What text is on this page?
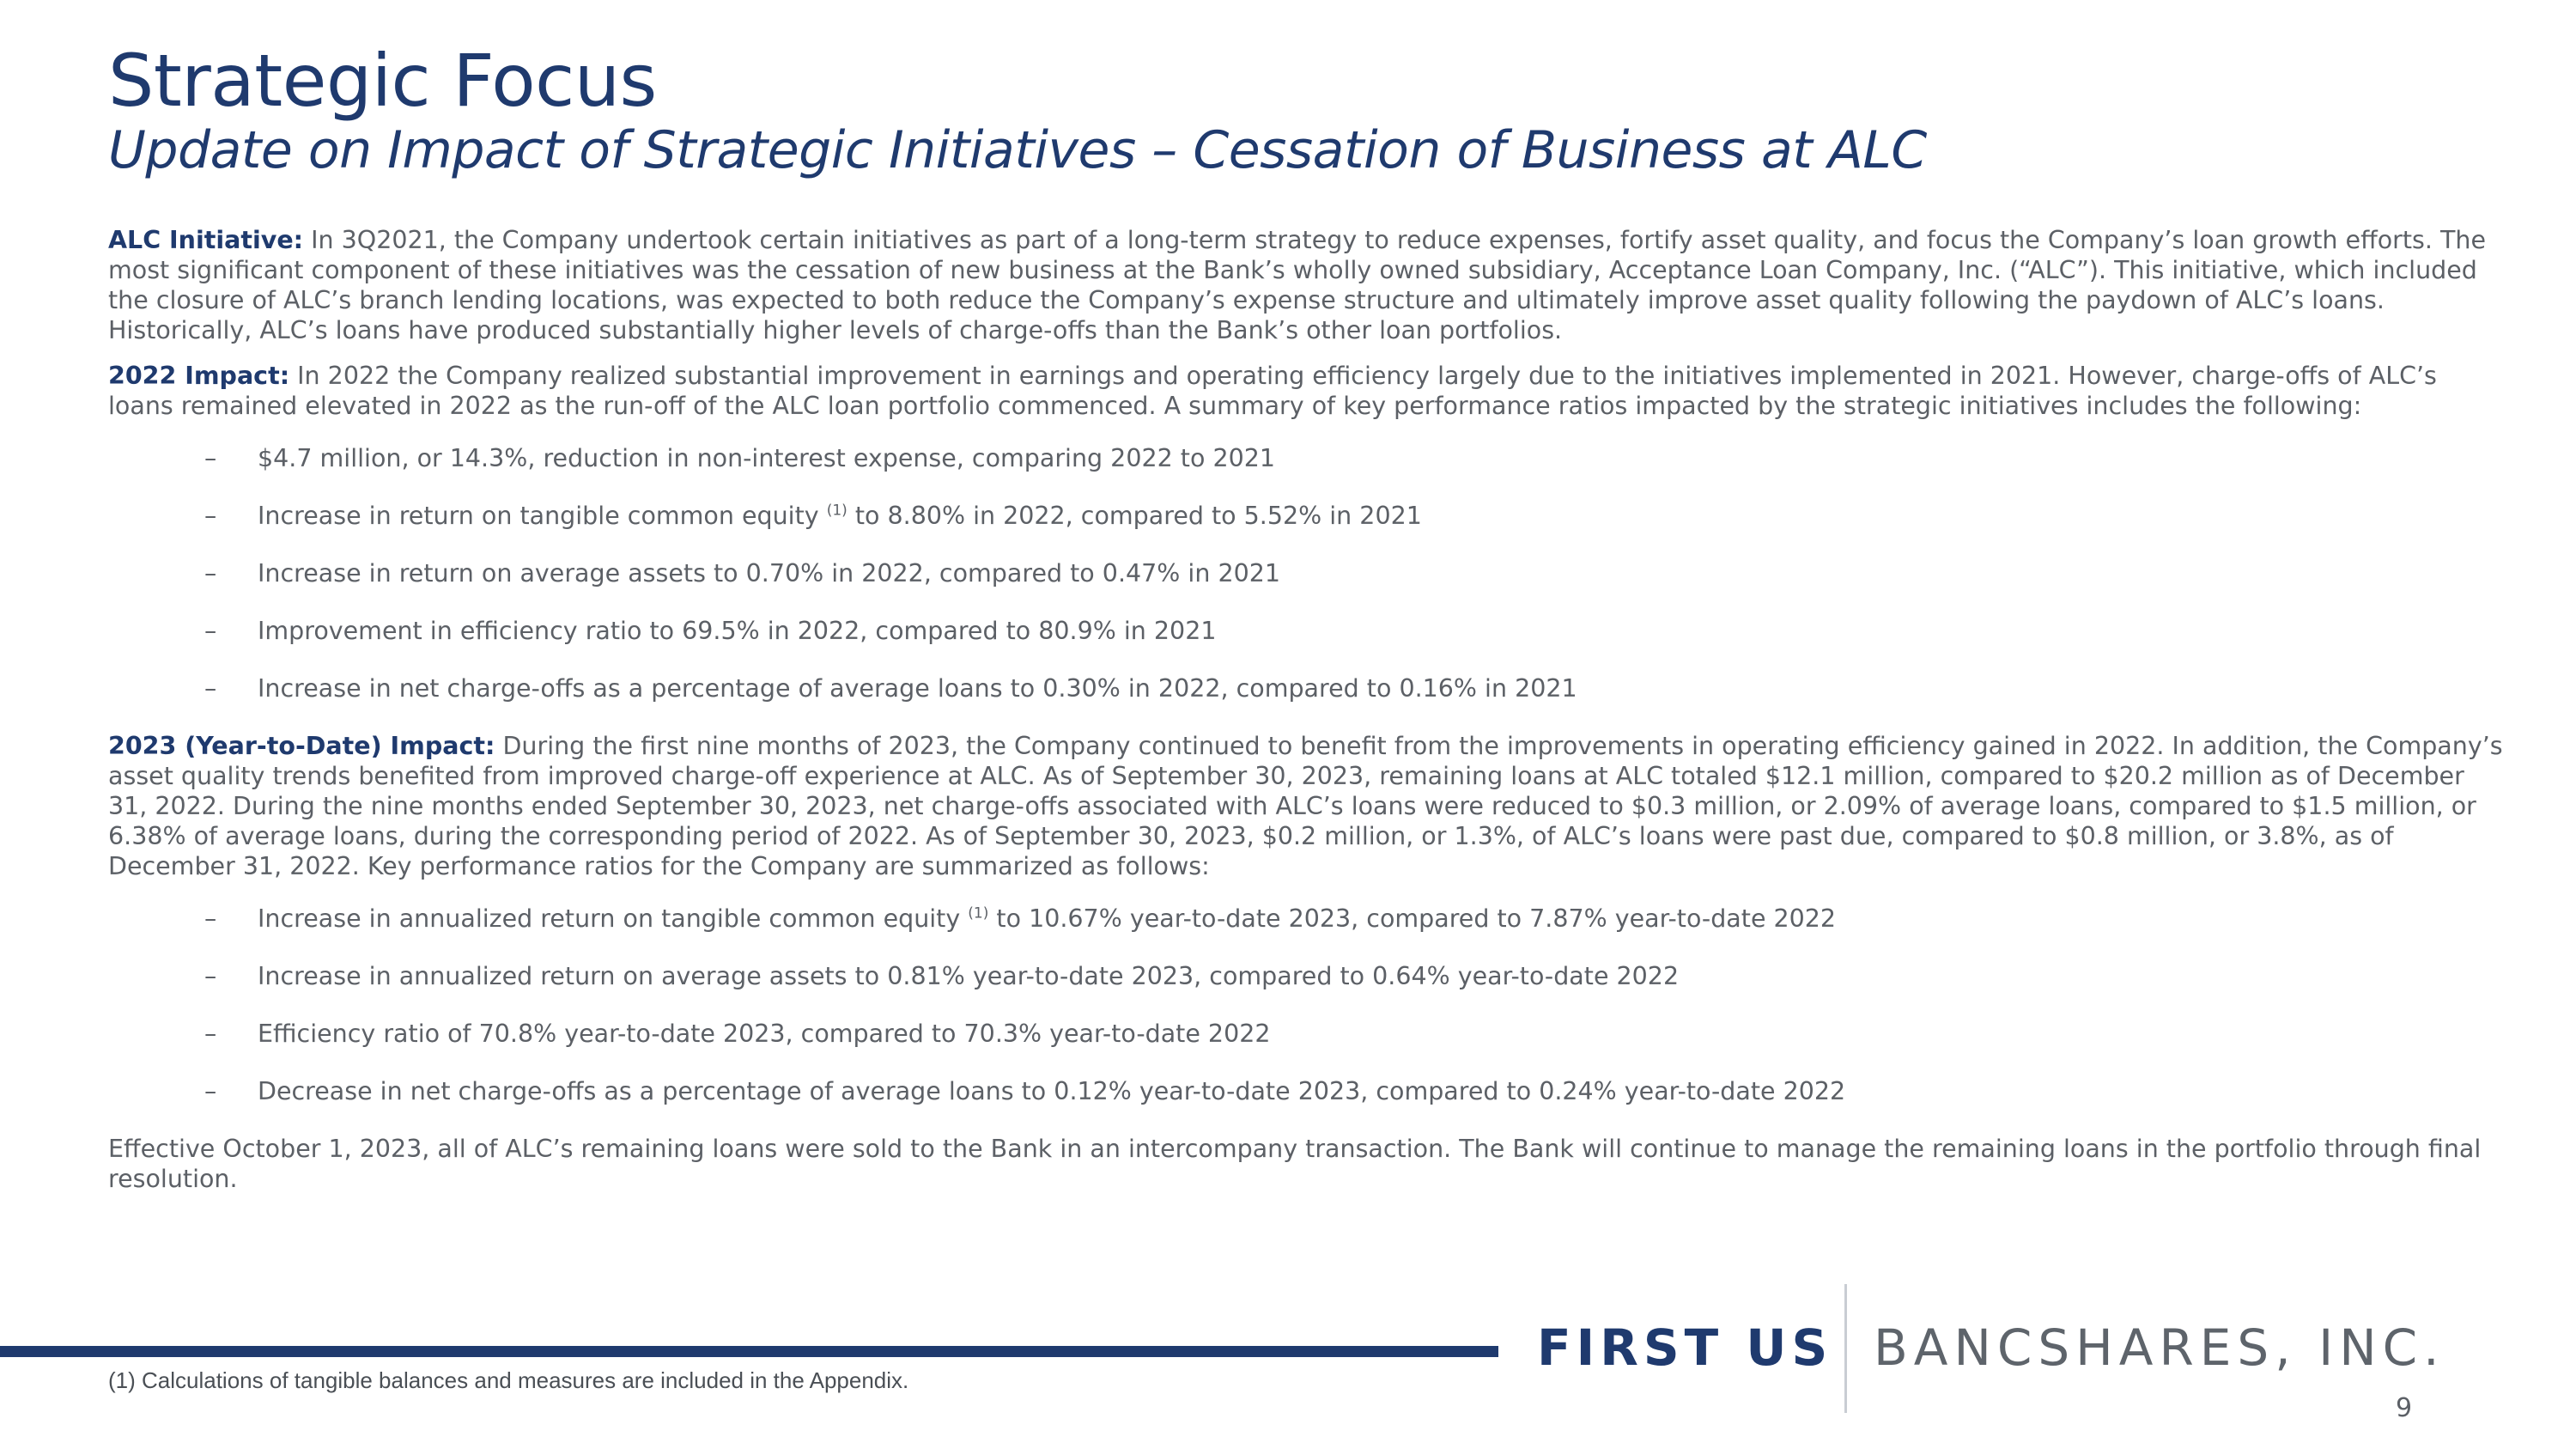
Strategic Focus
Update on Impact of Strategic Initiatives – Cessation of Business at ALC

ALC Initiative: In 3Q2021, the Company undertook certain initiatives as part of a long-term strategy to reduce expenses, fortify asset quality, and focus the Company’s loan growth efforts. The most significant component of these initiatives was the cessation of new business at the Bank’s wholly owned subsidiary, Acceptance Loan Company, Inc. (“ALC”). This initiative, which included the closure of ALC’s branch lending locations, was expected to both reduce the Company’s expense structure and ultimately improve asset quality following the paydown of ALC’s loans. Historically, ALC’s loans have produced substantially higher levels of charge-offs than the Bank’s other loan portfolios.

2022 Impact: In 2022 the Company realized substantial improvement in earnings and operating efficiency largely due to the initiatives implemented in 2021. However, charge-offs of ALC’s loans remained elevated in 2022 as the run-off of the ALC loan portfolio commenced. A summary of key performance ratios impacted by the strategic initiatives includes the following:

– $4.7 million, or 14.3%, reduction in non-interest expense, comparing 2022 to 2021
– Increase in return on tangible common equity $^{(1)}$ to 8.80% in 2022, compared to 5.52% in 2021
– Increase in return on average assets to 0.70% in 2022, compared to 0.47% in 2021
– Improvement in efficiency ratio to 69.5% in 2022, compared to 80.9% in 2021
– Increase in net charge-offs as a percentage of average loans to 0.30% in 2022, compared to 0.16% in 2021

2023 (Year-to-Date) Impact: During the first nine months of 2023, the Company continued to benefit from the improvements in operating efficiency gained in 2022. In addition, the Company’s asset quality trends benefited from improved charge-off experience at ALC. As of September 30, 2023, remaining loans at ALC totaled $12.1 million, compared to $20.2 million as of December 31, 2022. During the nine months ended September 30, 2023, net charge-offs associated with ALC’s loans were reduced to $0.3 million, or 2.09% of average loans, compared to $1.5 million, or 6.38% of average loans, during the corresponding period of 2022. As of September 30, 2023, $0.2 million, or 1.3%, of ALC’s loans were past due, compared to $0.8 million, or 3.8%, as of December 31, 2022. Key performance ratios for the Company are summarized as follows:

– Increase in annualized return on tangible common equity $^{(1)}$ to 10.67% year-to-date 2023, compared to 7.87% year-to-date 2022
– Increase in annualized return on average assets to 0.81% year-to-date 2023, compared to 0.64% year-to-date 2022
– Efficiency ratio of 70.8% year-to-date 2023, compared to 70.3% year-to-date 2022
– Decrease in net charge-offs as a percentage of average loans to 0.12% year-to-date 2023, compared to 0.24% year-to-date 2022

Effective October 1, 2023, all of ALC’s remaining loans were sold to the Bank in an intercompany transaction. The Bank will continue to manage the remaining loans in the portfolio through final resolution.

(1) Calculations of tangible balances and measures are included in the Appendix.
FIRST US BANCSHARES, INC.
9
